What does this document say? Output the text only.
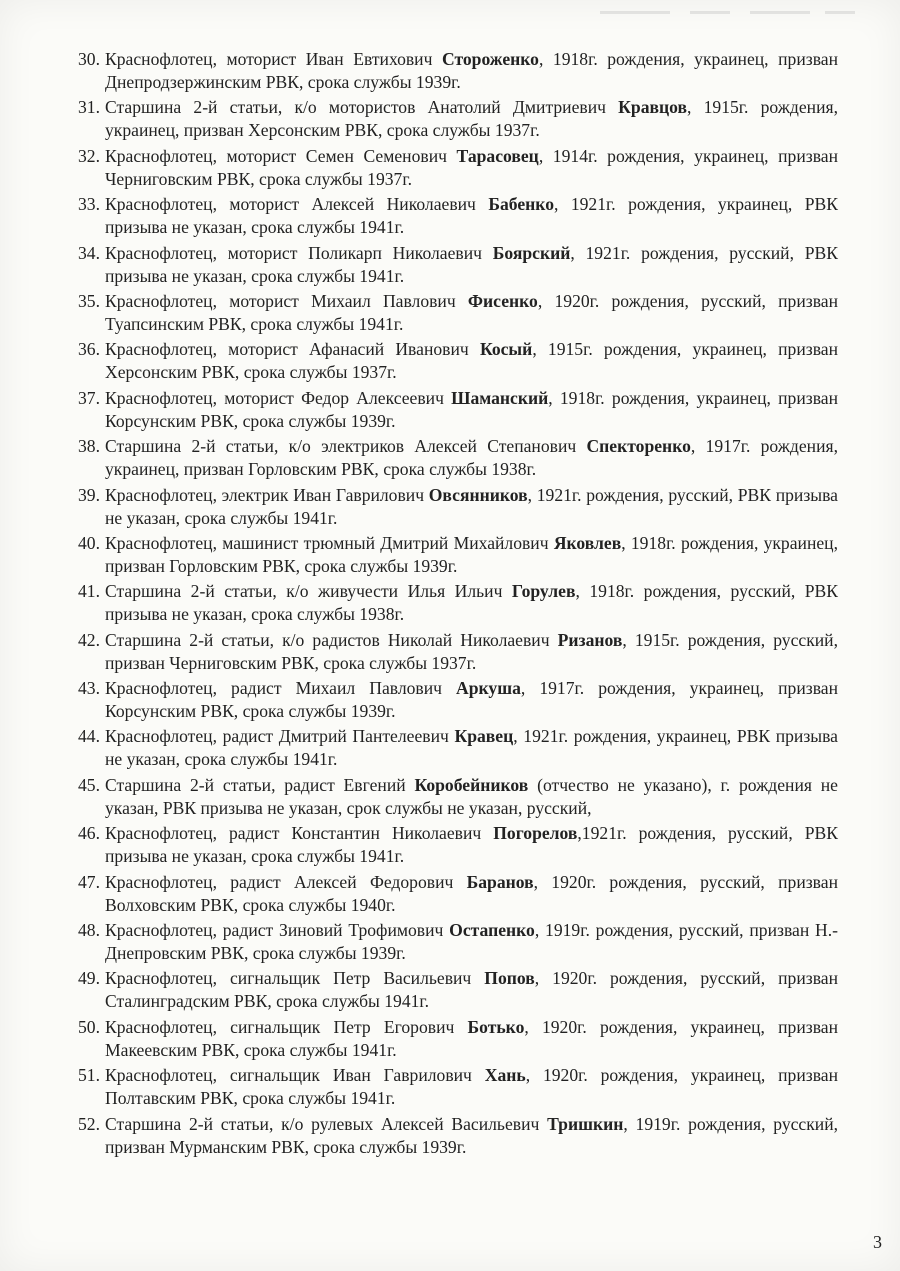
30. Краснофлотец, моторист Иван Евтихович Стороженко, 1918г. рождения, украинец, призван Днепродзержинским РВК, срока службы 1939г.
31. Старшина 2-й статьи, к/о мотористов Анатолий Дмитриевич Кравцов, 1915г. рождения, украинец, призван Херсонским РВК, срока службы 1937г.
32. Краснофлотец, моторист Семен Семенович Тарасовец, 1914г. рождения, украинец, призван Черниговским РВК, срока службы 1937г.
33. Краснофлотец, моторист Алексей Николаевич Бабенко, 1921г. рождения, украинец, РВК призыва не указан, срока службы 1941г.
34. Краснофлотец, моторист Поликарп Николаевич Боярский, 1921г. рождения, русский, РВК призыва не указан, срока службы 1941г.
35. Краснофлотец, моторист Михаил Павлович Фисенко, 1920г. рождения, русский, призван Туапсинским РВК, срока службы 1941г.
36. Краснофлотец, моторист Афанасий Иванович Косый, 1915г. рождения, украинец, призван Херсонским РВК, срока службы 1937г.
37. Краснофлотец, моторист Федор Алексеевич Шаманский, 1918г. рождения, украинец, призван Корсунским РВК, срока службы 1939г.
38. Старшина 2-й статьи, к/о электриков Алексей Степанович Спекторенко, 1917г. рождения, украинец, призван Горловским РВК, срока службы 1938г.
39. Краснофлотец, электрик Иван Гаврилович Овсянников, 1921г. рождения, русский, РВК призыва не указан, срока службы 1941г.
40. Краснофлотец, машинист трюмный Дмитрий Михайлович Яковлев, 1918г. рождения, украинец, призван Горловским РВК, срока службы 1939г.
41. Старшина 2-й статьи, к/о живучести Илья Ильич Горулев, 1918г. рождения, русский, РВК призыва не указан, срока службы 1938г.
42. Старшина 2-й статьи, к/о радистов Николай Николаевич Ризанов, 1915г. рождения, русский, призван Черниговским РВК, срока службы 1937г.
43. Краснофлотец, радист Михаил Павлович Аркуша, 1917г. рождения, украинец, призван Корсунским РВК, срока службы 1939г.
44. Краснофлотец, радист Дмитрий Пантелеевич Кравец, 1921г. рождения, украинец, РВК призыва не указан, срока службы 1941г.
45. Старшина 2-й статьи, радист Евгений Коробейников (отчество не указано), г. рождения не указан, РВК призыва не указан, срок службы не указан, русский,
46. Краснофлотец, радист Константин Николаевич Погорелов,1921г. рождения, русский, РВК призыва не указан, срока службы 1941г.
47. Краснофлотец, радист Алексей Федорович Баранов, 1920г. рождения, русский, призван Волховским РВК, срока службы 1940г.
48. Краснофлотец, радист Зиновий Трофимович Остапенко, 1919г. рождения, русский, призван Н.-Днепровским РВК, срока службы 1939г.
49. Краснофлотец, сигнальщик Петр Васильевич Попов, 1920г. рождения, русский, призван Сталинградским РВК, срока службы 1941г.
50. Краснофлотец, сигнальщик Петр Егорович Ботько, 1920г. рождения, украинец, призван Макеевским РВК, срока службы 1941г.
51. Краснофлотец, сигнальщик Иван Гаврилович Хань, 1920г. рождения, украинец, призван Полтавским РВК, срока службы 1941г.
52. Старшина 2-й статьи, к/о рулевых Алексей Васильевич Тришкин, 1919г. рождения, русский, призван Мурманским РВК, срока службы 1939г.
3
